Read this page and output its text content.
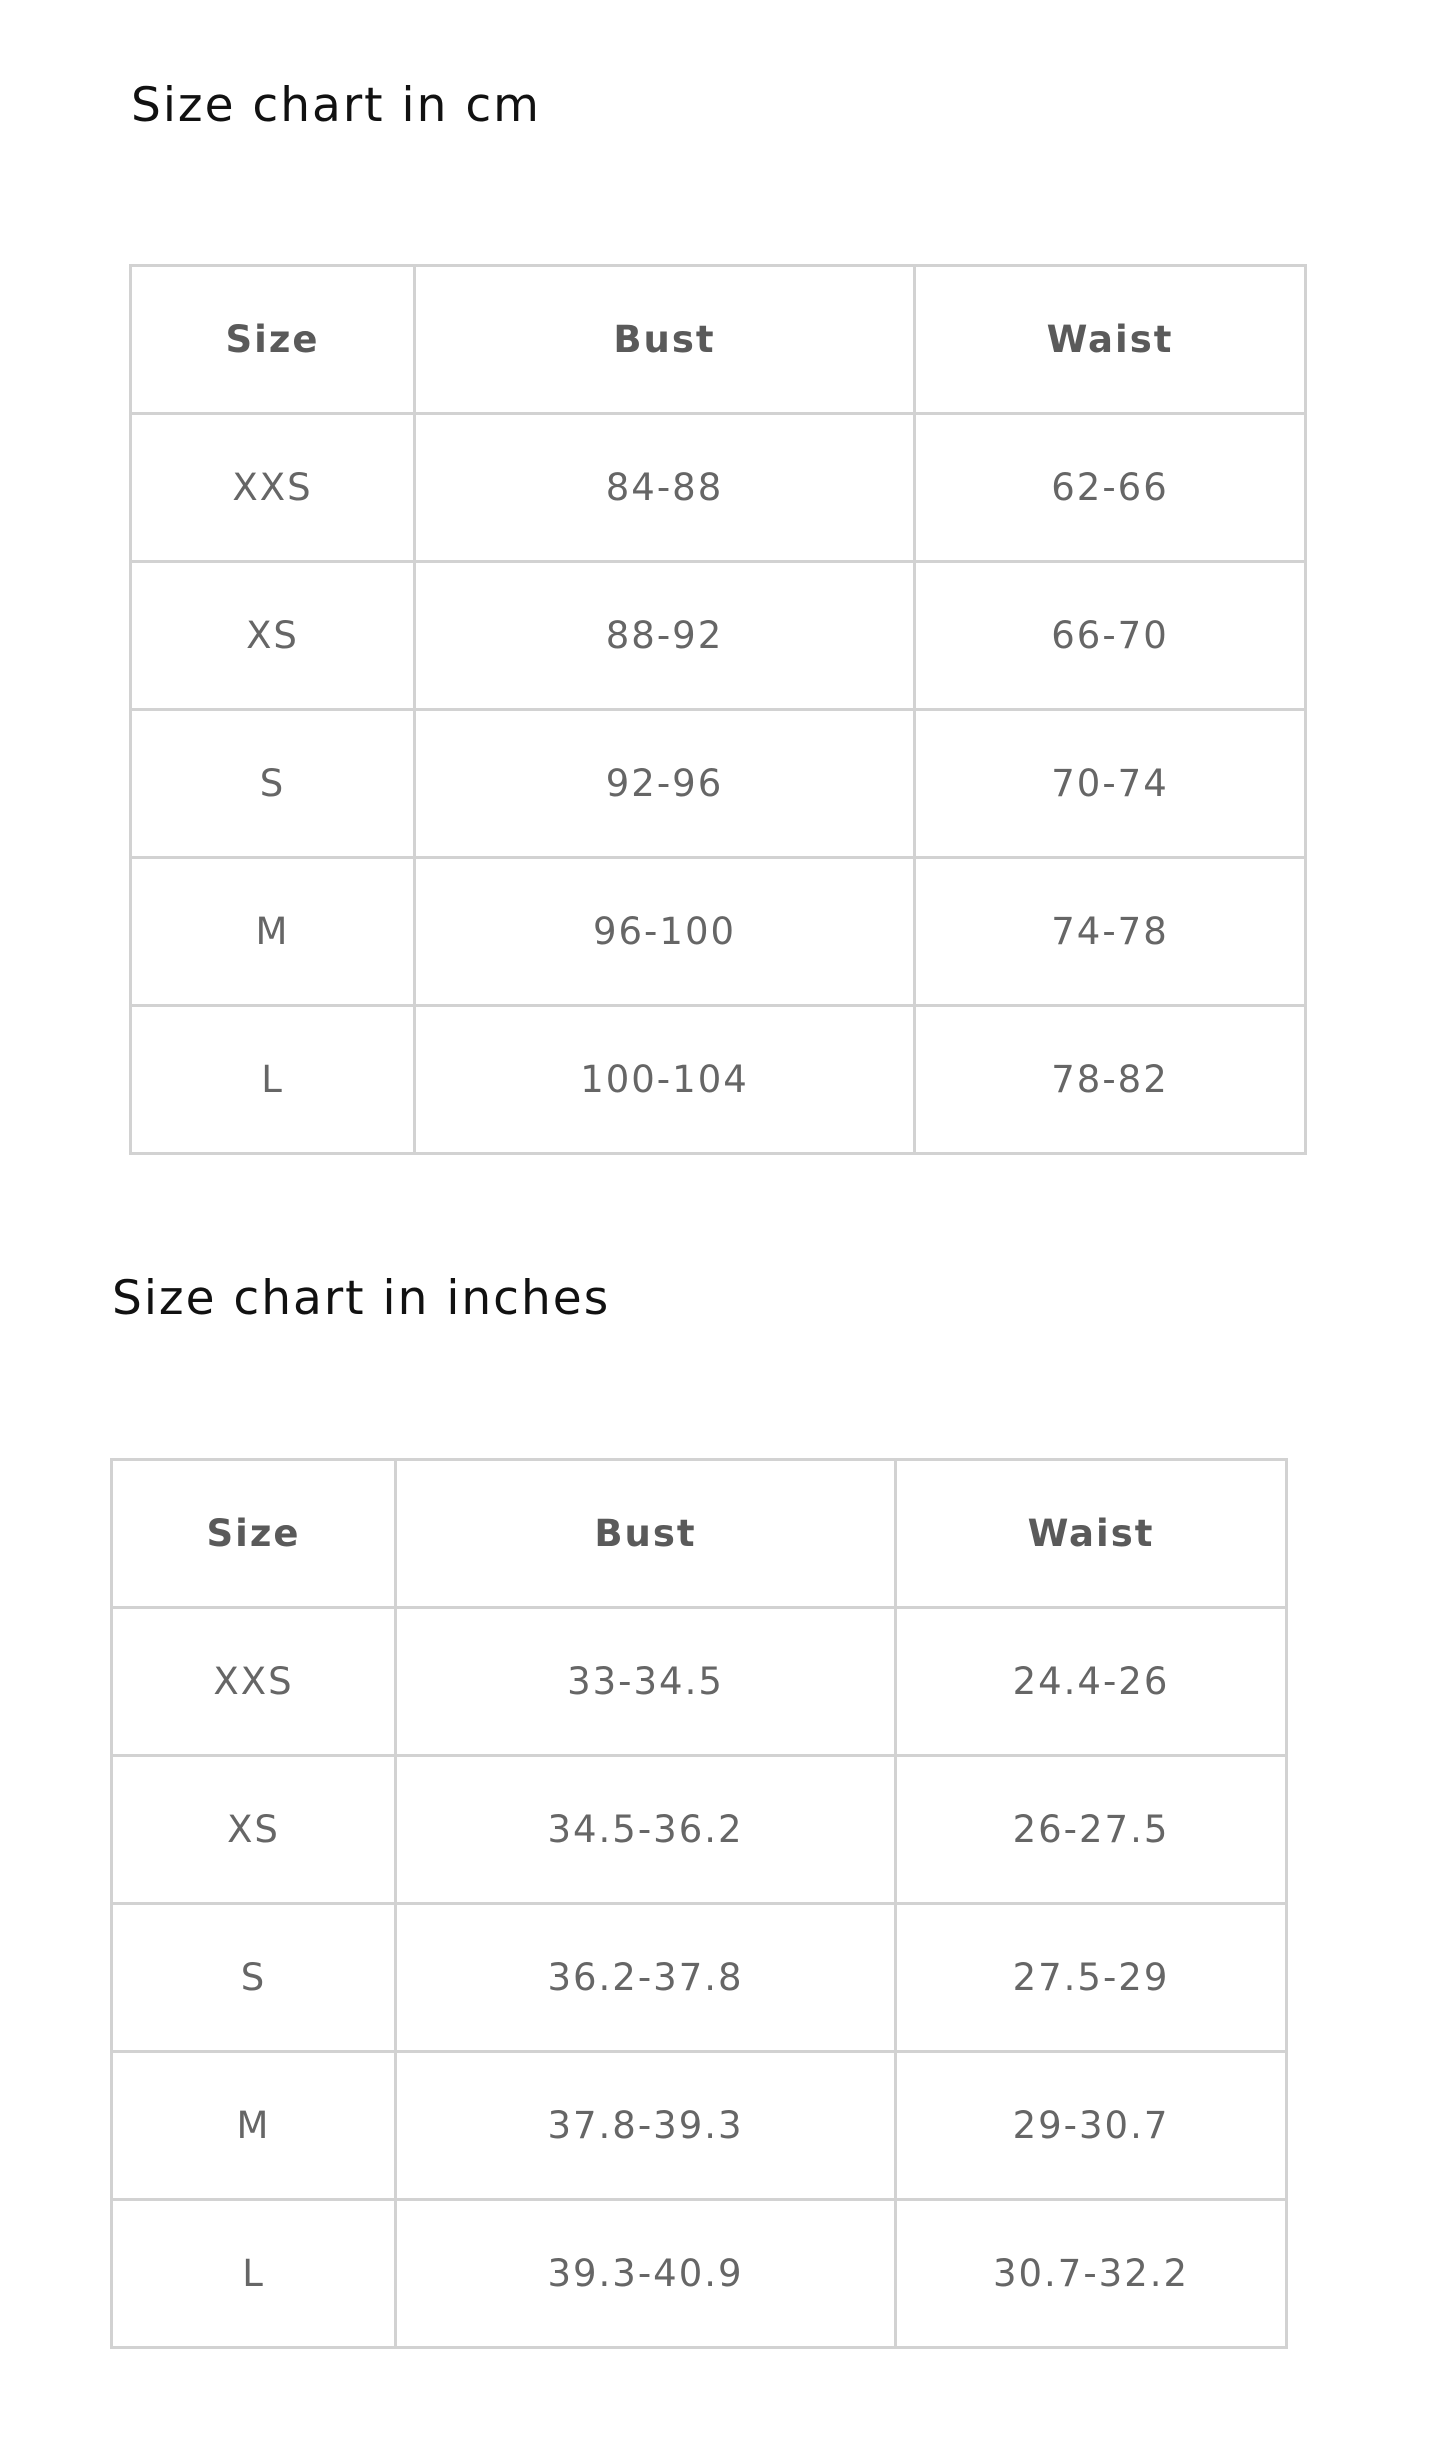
Size chart in cm
Size	Bust	Waist
XXS	84-88	62-66
XS	88-92	66-70
S	92-96	70-74
M	96-100	74-78
L	100-104	78-82
Size chart in inches
Size	Bust	Waist
XXS	33-34.5	24.4-26
XS	34.5-36.2	26-27.5
S	36.2-37.8	27.5-29
M	37.8-39.3	29-30.7
L	39.3-40.9	30.7-32.2
